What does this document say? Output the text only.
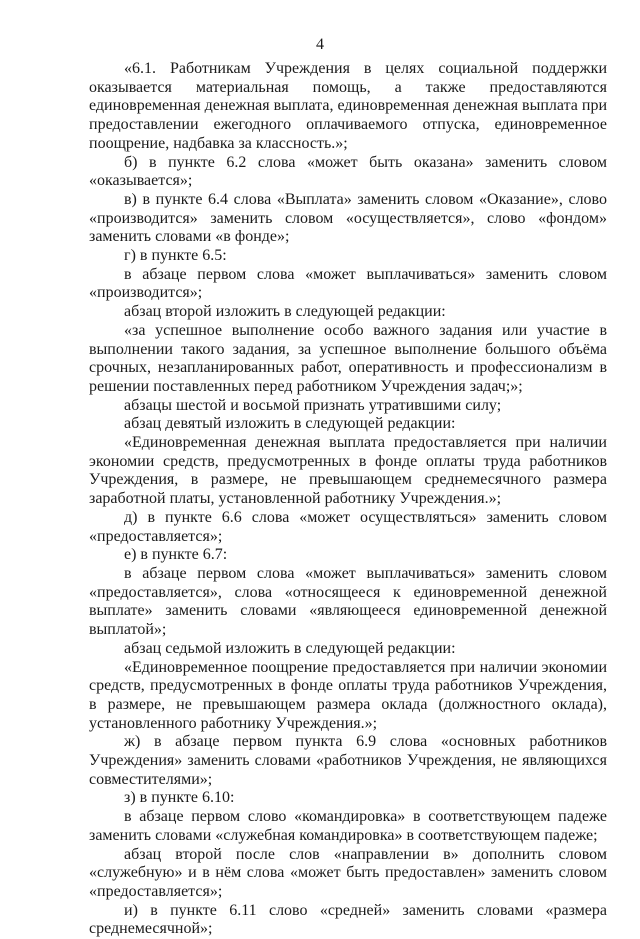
4

«6.1. Работникам Учреждения в целях социальной поддержки оказывается материальная помощь, а также предоставляются единовременная денежная выплата, единовременная денежная выплата при предоставлении ежегодного оплачиваемого отпуска, единовременное поощрение, надбавка за классность.»;

б) в пункте 6.2 слова «может быть оказана» заменить словом «оказывается»;

в) в пункте 6.4 слова «Выплата» заменить словом «Оказание», слово «производится» заменить словом «осуществляется», слово «фондом» заменить словами «в фонде»;

г) в пункте 6.5:

в абзаце первом слова «может выплачиваться» заменить словом «производится»;

абзац второй изложить в следующей редакции:

«за успешное выполнение особо важного задания или участие в выполнении такого задания, за успешное выполнение большого объёма срочных, незапланированных работ, оперативность и профессионализм в решении поставленных перед работником Учреждения задач;»;

абзацы шестой и восьмой признать утратившими силу;

абзац девятый изложить в следующей редакции:

«Единовременная денежная выплата предоставляется при наличии экономии средств, предусмотренных в фонде оплаты труда работников Учреждения, в размере, не превышающем среднемесячного размера заработной платы, установленной работнику Учреждения.»;

д) в пункте 6.6 слова «может осуществляться» заменить словом «предоставляется»;

е) в пункте 6.7:

в абзаце первом слова «может выплачиваться» заменить словом «предоставляется», слова «относящееся к единовременной денежной выплате» заменить словами «являющееся единовременной денежной выплатой»;

абзац седьмой изложить в следующей редакции:

«Единовременное поощрение предоставляется при наличии экономии средств, предусмотренных в фонде оплаты труда работников Учреждения, в размере, не превышающем размера оклада (должностного оклада), установленного работнику Учреждения.»;

ж) в абзаце первом пункта 6.9 слова «основных работников Учреждения» заменить словами «работников Учреждения, не являющихся совместителями»;

з) в пункте 6.10:

в абзаце первом слово «командировка» в соответствующем падеже заменить словами «служебная командировка» в соответствующем падеже;

абзац второй после слов «направлении в» дополнить словом «служебную» и в нём слова «может быть предоставлен» заменить словом «предоставляется»;

и) в пункте 6.11 слово «средней» заменить словами «размера среднемесячной»;
